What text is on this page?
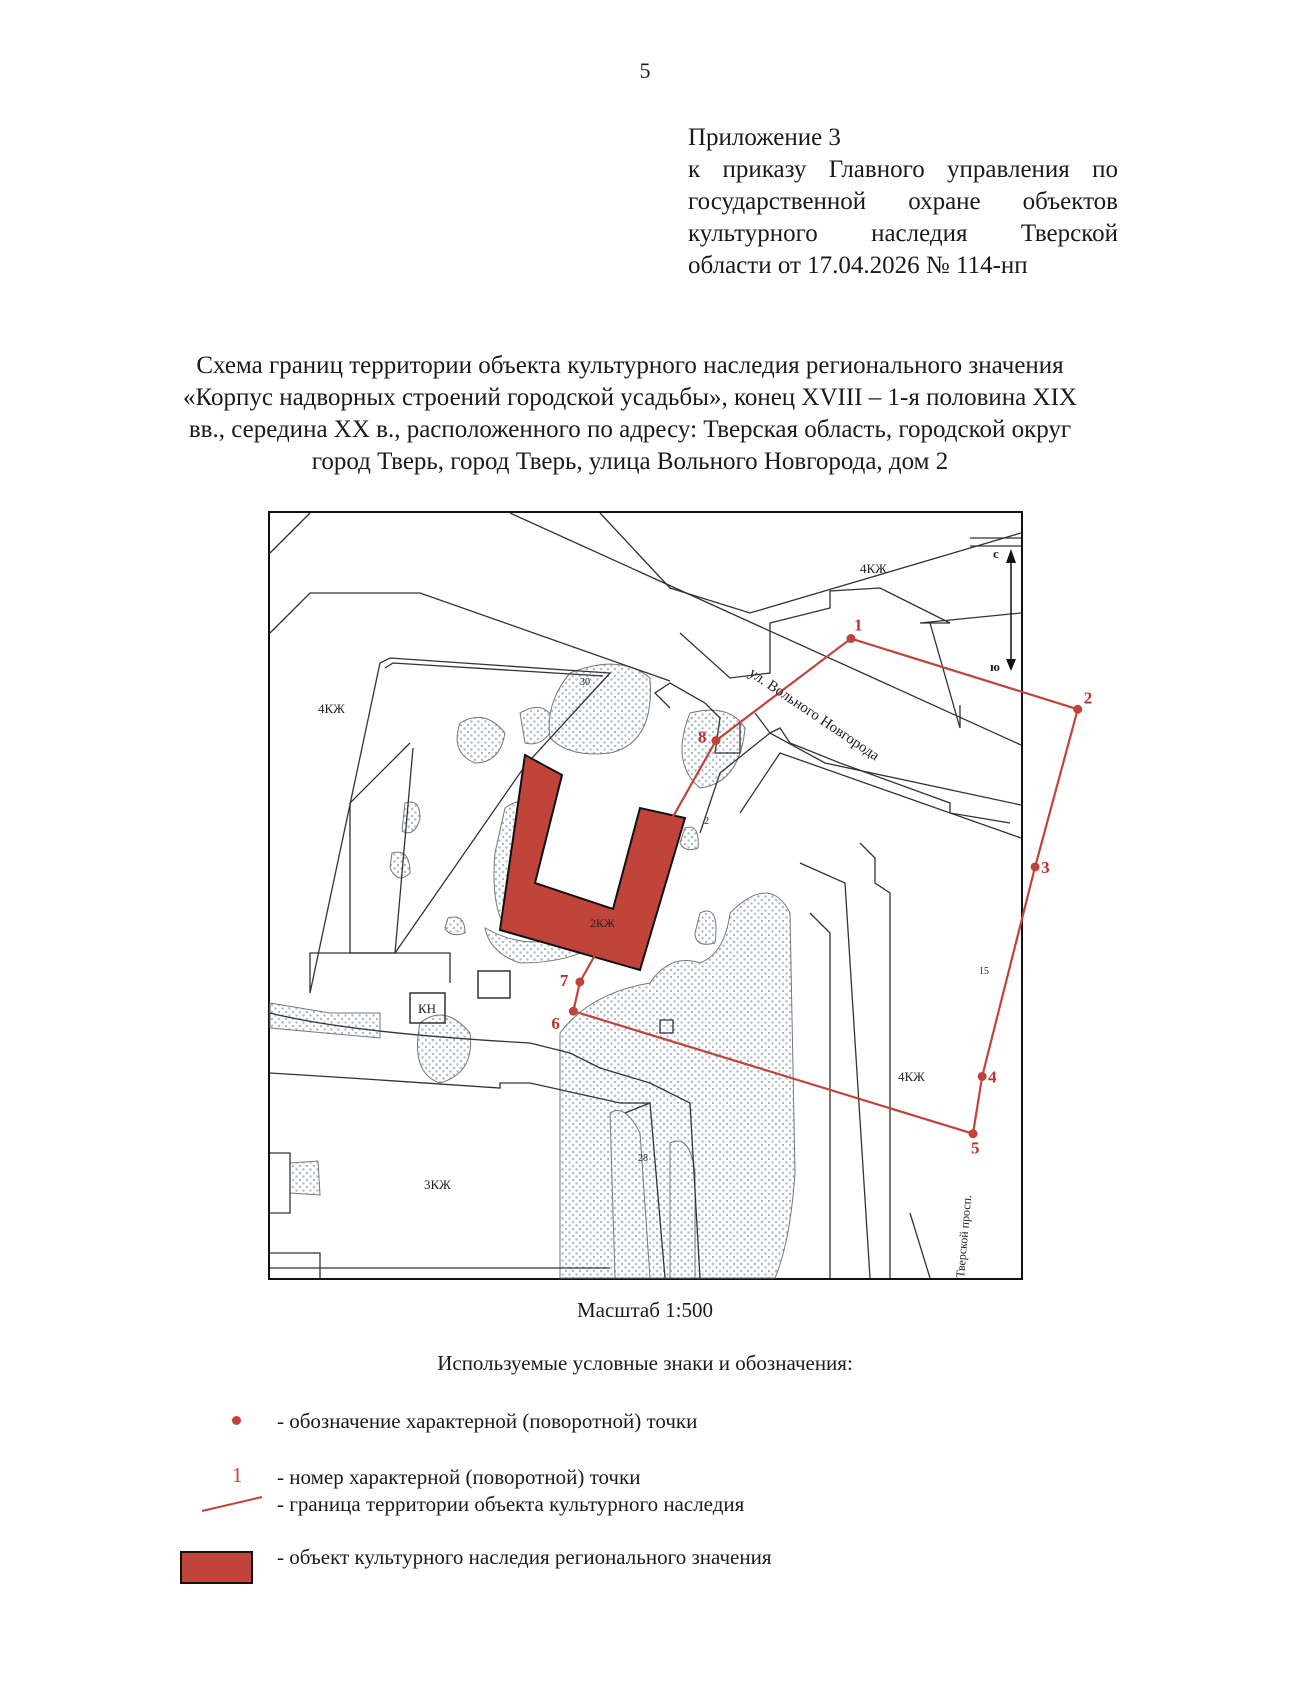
5
Приложение 3
к приказу Главного управления по
государственной охране объектов
культурного наследия Тверской
области от 17.04.2026 № 114-нп
Схема границ территории объекта культурного наследия регионального значения «Корпус надворных строений городской усадьбы», конец XVIII – 1-я половина XIX вв., середина XX в., расположенного по адресу: Тверская область, городской округ город Тверь, город Тверь, улица Вольного Новгорода, дом 2
1
2
3
4
5
6
7
8
4КЖ
4КЖ
4КЖ
3КЖ
2КЖ
КН
30
28
15
2
ул. Вольного Новгорода
Тверской просп.
с
ю
Масштаб 1:500
Используемые условные знаки и обозначения:
- обозначение характерной (поворотной) точки
1 - номер характерной (поворотной) точки
- граница территории объекта культурного наследия
- объект культурного наследия регионального значения
